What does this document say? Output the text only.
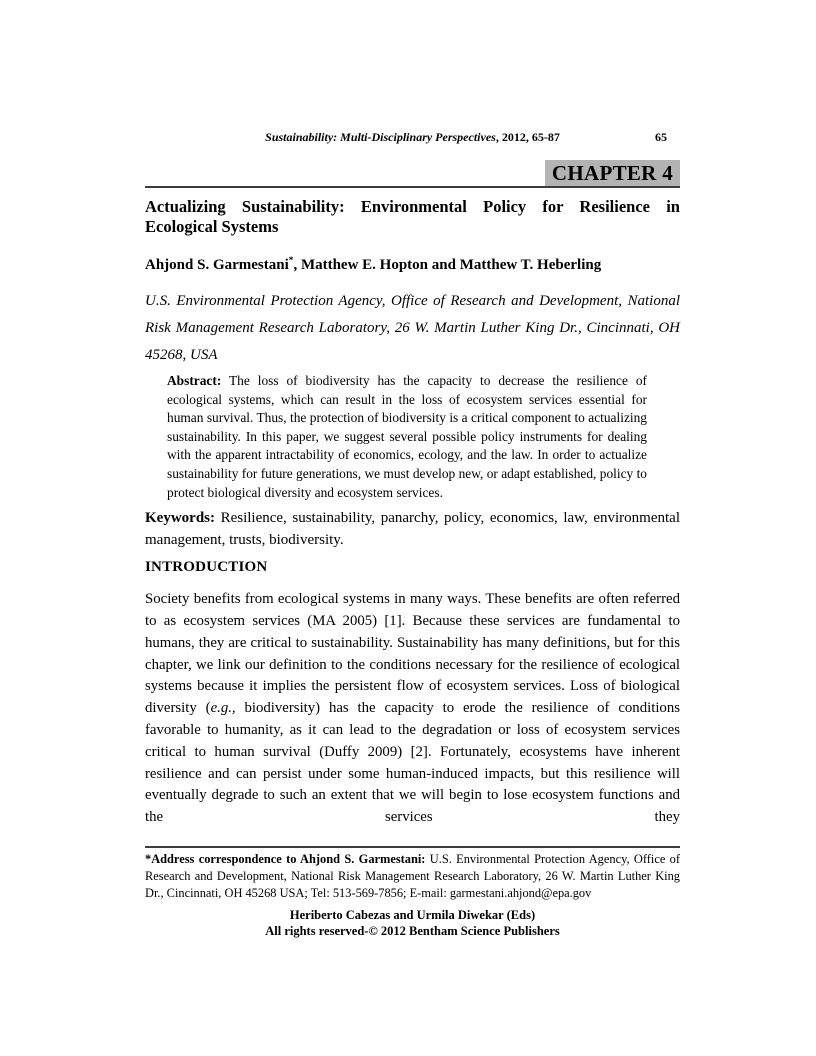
Sustainability: Multi-Disciplinary Perspectives, 2012, 65-87	65
CHAPTER 4
Actualizing Sustainability: Environmental Policy for Resilience in
Ecological Systems
Ahjond S. Garmestani*, Matthew E. Hopton and Matthew T. Heberling
U.S. Environmental Protection Agency, Office of Research and Development, National Risk Management Research Laboratory, 26 W. Martin Luther King Dr., Cincinnati, OH 45268, USA
Abstract: The loss of biodiversity has the capacity to decrease the resilience of ecological systems, which can result in the loss of ecosystem services essential for human survival. Thus, the protection of biodiversity is a critical component to actualizing sustainability. In this paper, we suggest several possible policy instruments for dealing with the apparent intractability of economics, ecology, and the law. In order to actualize sustainability for future generations, we must develop new, or adapt established, policy to protect biological diversity and ecosystem services.
Keywords: Resilience, sustainability, panarchy, policy, economics, law, environmental management, trusts, biodiversity.
INTRODUCTION
Society benefits from ecological systems in many ways. These benefits are often referred to as ecosystem services (MA 2005) [1]. Because these services are fundamental to humans, they are critical to sustainability. Sustainability has many definitions, but for this chapter, we link our definition to the conditions necessary for the resilience of ecological systems because it implies the persistent flow of ecosystem services. Loss of biological diversity (e.g., biodiversity) has the capacity to erode the resilience of conditions favorable to humanity, as it can lead to the degradation or loss of ecosystem services critical to human survival (Duffy 2009) [2]. Fortunately, ecosystems have inherent resilience and can persist under some human-induced impacts, but this resilience will eventually degrade to such an extent that we will begin to lose ecosystem functions and the services they
*Address correspondence to Ahjond S. Garmestani: U.S. Environmental Protection Agency, Office of Research and Development, National Risk Management Research Laboratory, 26 W. Martin Luther King Dr., Cincinnati, OH 45268 USA; Tel: 513-569-7856; E-mail: garmestani.ahjond@epa.gov
Heriberto Cabezas and Urmila Diwekar (Eds)
All rights reserved-© 2012 Bentham Science Publishers
